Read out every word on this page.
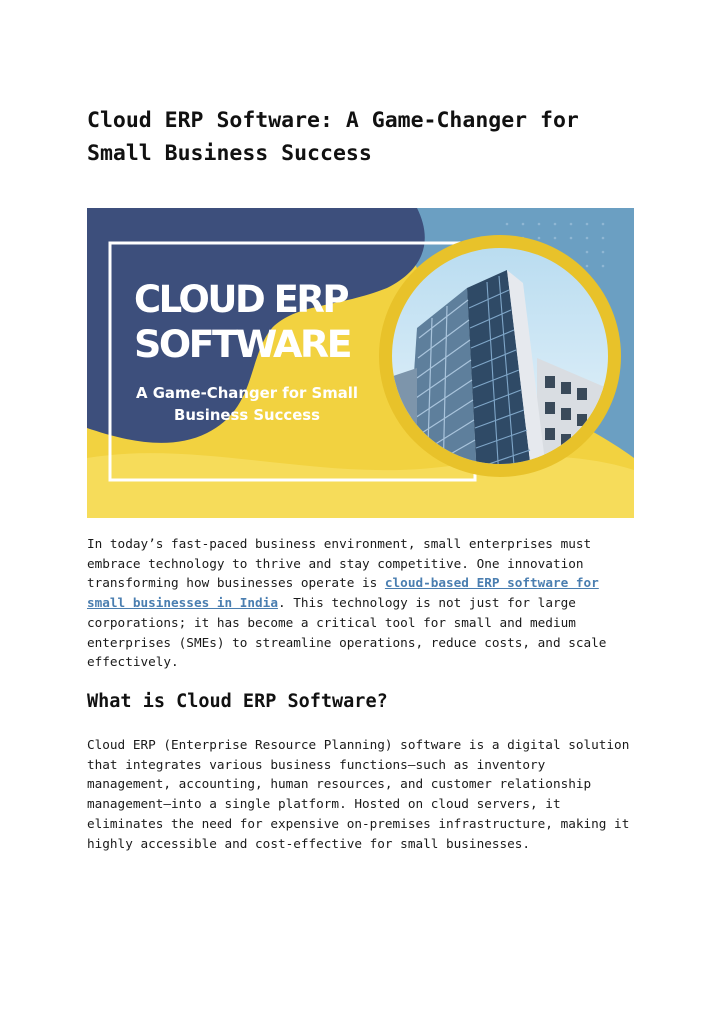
Cloud ERP Software: A Game-Changer for
Small Business Success
CLOUD ERP
SOFTWARE
A Game-Changer for Small
Business Success

In today’s fast-paced business environment, small enterprises must embrace technology to thrive and stay competitive. One innovation transforming how businesses operate is cloud-based ERP software for small businesses in India. This technology is not just for large corporations; it has become a critical tool for small and medium enterprises (SMEs) to streamline operations, reduce costs, and scale effectively.

What is Cloud ERP Software?

Cloud ERP (Enterprise Resource Planning) software is a digital solution that integrates various business functions—such as inventory management, accounting, human resources, and customer relationship management—into a single platform. Hosted on cloud servers, it eliminates the need for expensive on-premises infrastructure, making it highly accessible and cost-effective for small businesses.
